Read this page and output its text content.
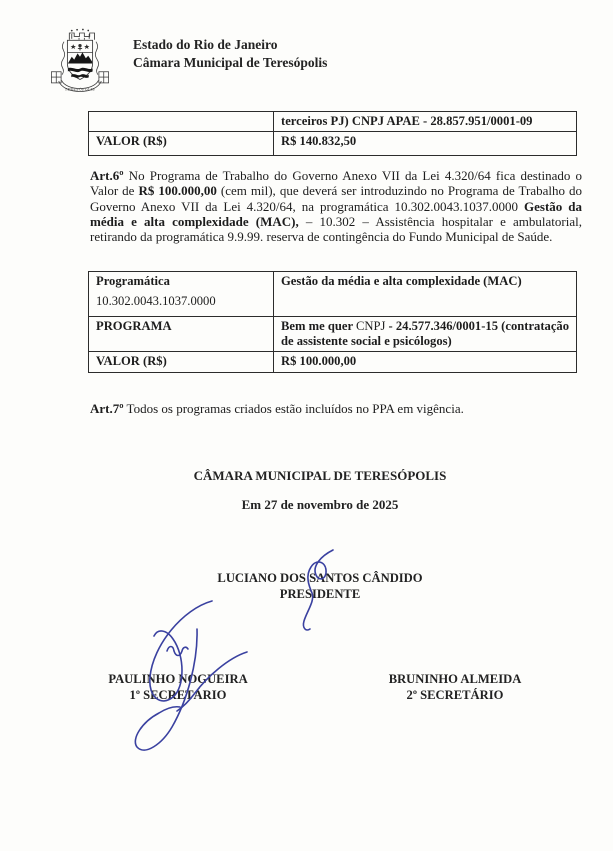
TERESÓPOLIS
Estado do Rio de Janeiro
Câmara Municipal de Teresópolis
	terceiros PJ) CNPJ APAE - 28.857.951/0001-09
VALOR (R$)	R$ 140.832,50

Art.6º No Programa de Trabalho do Governo Anexo VII da Lei 4.320/64 fica destinado o Valor de R$ 100.000,00 (cem mil), que deverá ser introduzindo no Programa de Trabalho do Governo Anexo VII da Lei 4.320/64, na programática 10.302.0043.1037.0000 Gestão da média e alta complexidade (MAC), – 10.302 – Assistência hospitalar e ambulatorial, retirando da programática 9.9.99. reserva de contingência do Fundo Municipal de Saúde.

Programática
10.302.0043.1037.0000	Gestão da média e alta complexidade (MAC)
PROGRAMA	Bem me quer CNPJ - 24.577.346/0001-15 (contratação de assistente social e psicólogos)
VALOR (R$)	R$ 100.000,00

Art.7º Todos os programas criados estão incluídos no PPA em vigência.

CÂMARA MUNICIPAL DE TERESÓPOLIS
Em 27 de novembro de 2025
LUCIANO DOS SANTOS CÂNDIDO
PRESIDENTE
PAULINHO NOGUEIRA
1º SECRETÁRIO
BRUNINHO ALMEIDA
2º SECRETÁRIO
